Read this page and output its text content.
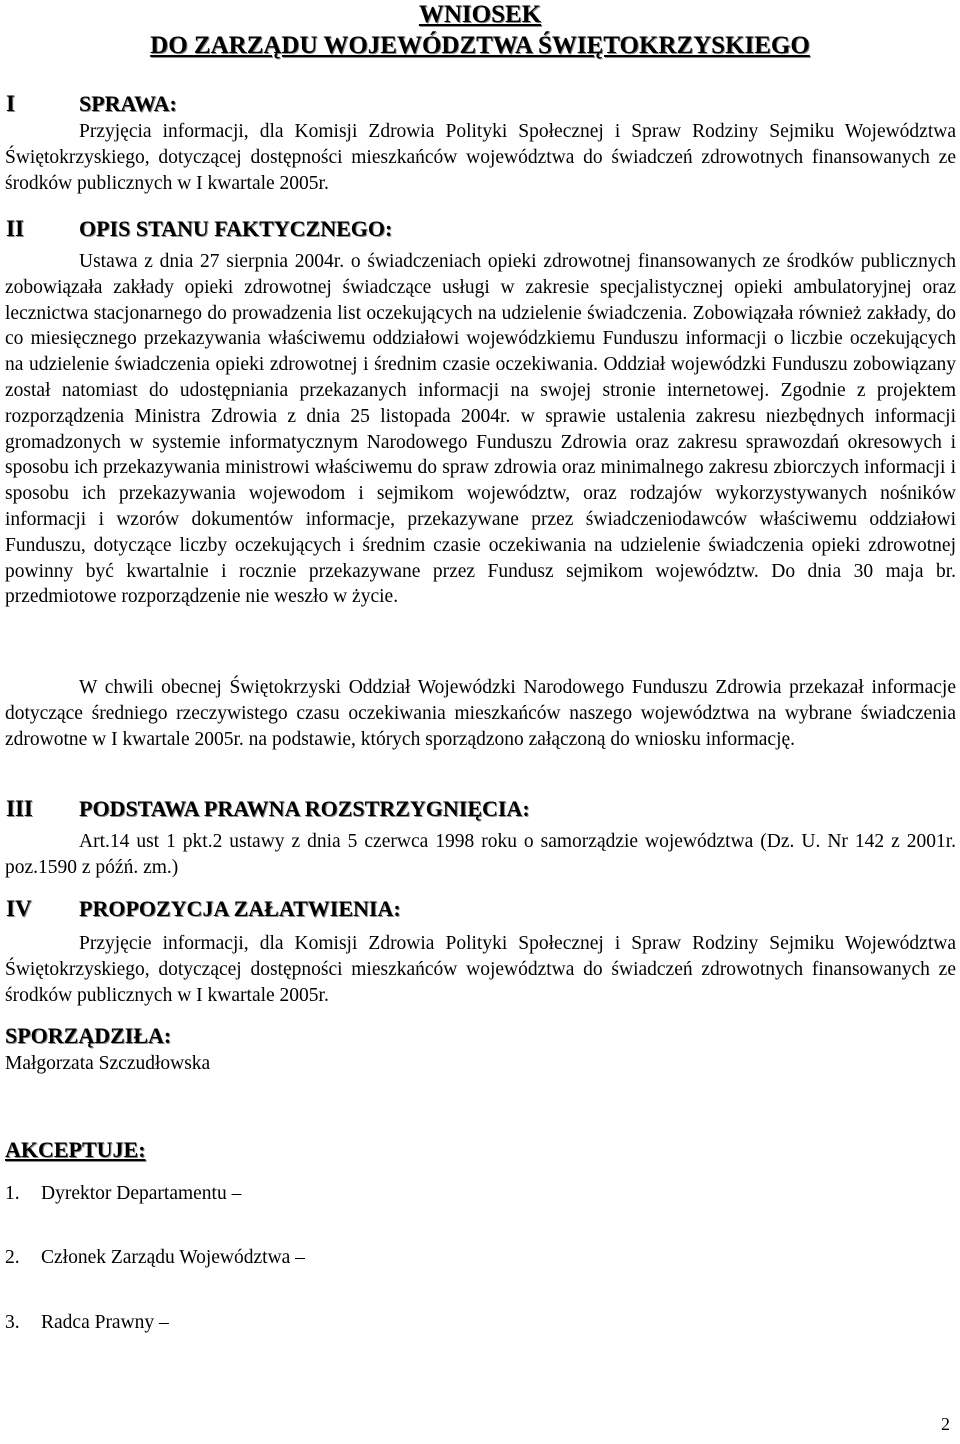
WNIOSEK
DO ZARZĄDU WOJEWÓDZTWA ŚWIĘTOKRZYSKIEGO
I	SPRAWA:

Przyjęcia informacji, dla Komisji Zdrowia Polityki Społecznej i Spraw Rodziny Sejmiku Województwa Świętokrzyskiego, dotyczącej dostępności mieszkańców województwa do świadczeń zdrowotnych finansowanych ze środków publicznych w I kwartale 2005r.

II	OPIS STANU FAKTYCZNEGO:

Ustawa z dnia 27 sierpnia 2004r. o świadczeniach opieki zdrowotnej finansowanych ze środków publicznych zobowiązała zakłady opieki zdrowotnej świadczące usługi w zakresie specjalistycznej opieki ambulatoryjnej oraz lecznictwa stacjonarnego do prowadzenia list oczekujących na udzielenie świadczenia. Zobowiązała również zakłady, do co miesięcznego przekazywania właściwemu oddziałowi wojewódzkiemu Funduszu informacji o liczbie oczekujących na udzielenie świadczenia opieki zdrowotnej i średnim czasie oczekiwania. Oddział wojewódzki Funduszu zobowiązany został natomiast do udostępniania przekazanych informacji na swojej stronie internetowej. Zgodnie z projektem rozporządzenia Ministra Zdrowia z dnia 25 listopada 2004r. w sprawie ustalenia zakresu niezbędnych informacji gromadzonych w systemie informatycznym Narodowego Funduszu Zdrowia oraz zakresu sprawozdań okresowych i sposobu ich przekazywania ministrowi właściwemu do spraw zdrowia oraz minimalnego zakresu zbiorczych informacji i sposobu ich przekazywania wojewodom i sejmikom województw, oraz rodzajów wykorzystywanych nośników informacji i wzorów dokumentów informacje, przekazywane przez świadczeniodawców właściwemu oddziałowi Funduszu, dotyczące liczby oczekujących i średnim czasie oczekiwania na udzielenie świadczenia opieki zdrowotnej powinny być kwartalnie i rocznie przekazywane przez Fundusz sejmikom województw. Do dnia 30 maja br. przedmiotowe rozporządzenie nie weszło w życie.

W chwili obecnej Świętokrzyski Oddział Wojewódzki Narodowego Funduszu Zdrowia przekazał informacje dotyczące średniego rzeczywistego czasu oczekiwania mieszkańców naszego województwa na wybrane świadczenia zdrowotne w I kwartale 2005r. na podstawie, których sporządzono załączoną do wniosku informację.

III PODSTAWA PRAWNA ROZSTRZYGNIĘCIA:

Art.14 ust 1 pkt.2 ustawy z dnia 5 czerwca 1998 roku o samorządzie województwa (Dz. U. Nr 142 z 2001r. poz.1590 z późń. zm.)

IV PROPOZYCJA ZAŁATWIENIA:

Przyjęcie informacji, dla Komisji Zdrowia Polityki Społecznej i Spraw Rodziny Sejmiku Województwa Świętokrzyskiego, dotyczącej dostępności mieszkańców województwa do świadczeń zdrowotnych finansowanych ze środków publicznych w I kwartale 2005r.

SPORZĄDZIŁA:
Małgorzata Szczudłowska
AKCEPTUJE:
1. Dyrektor Departamentu –
2. Członek Zarządu Województwa –
3. Radca Prawny –
2
